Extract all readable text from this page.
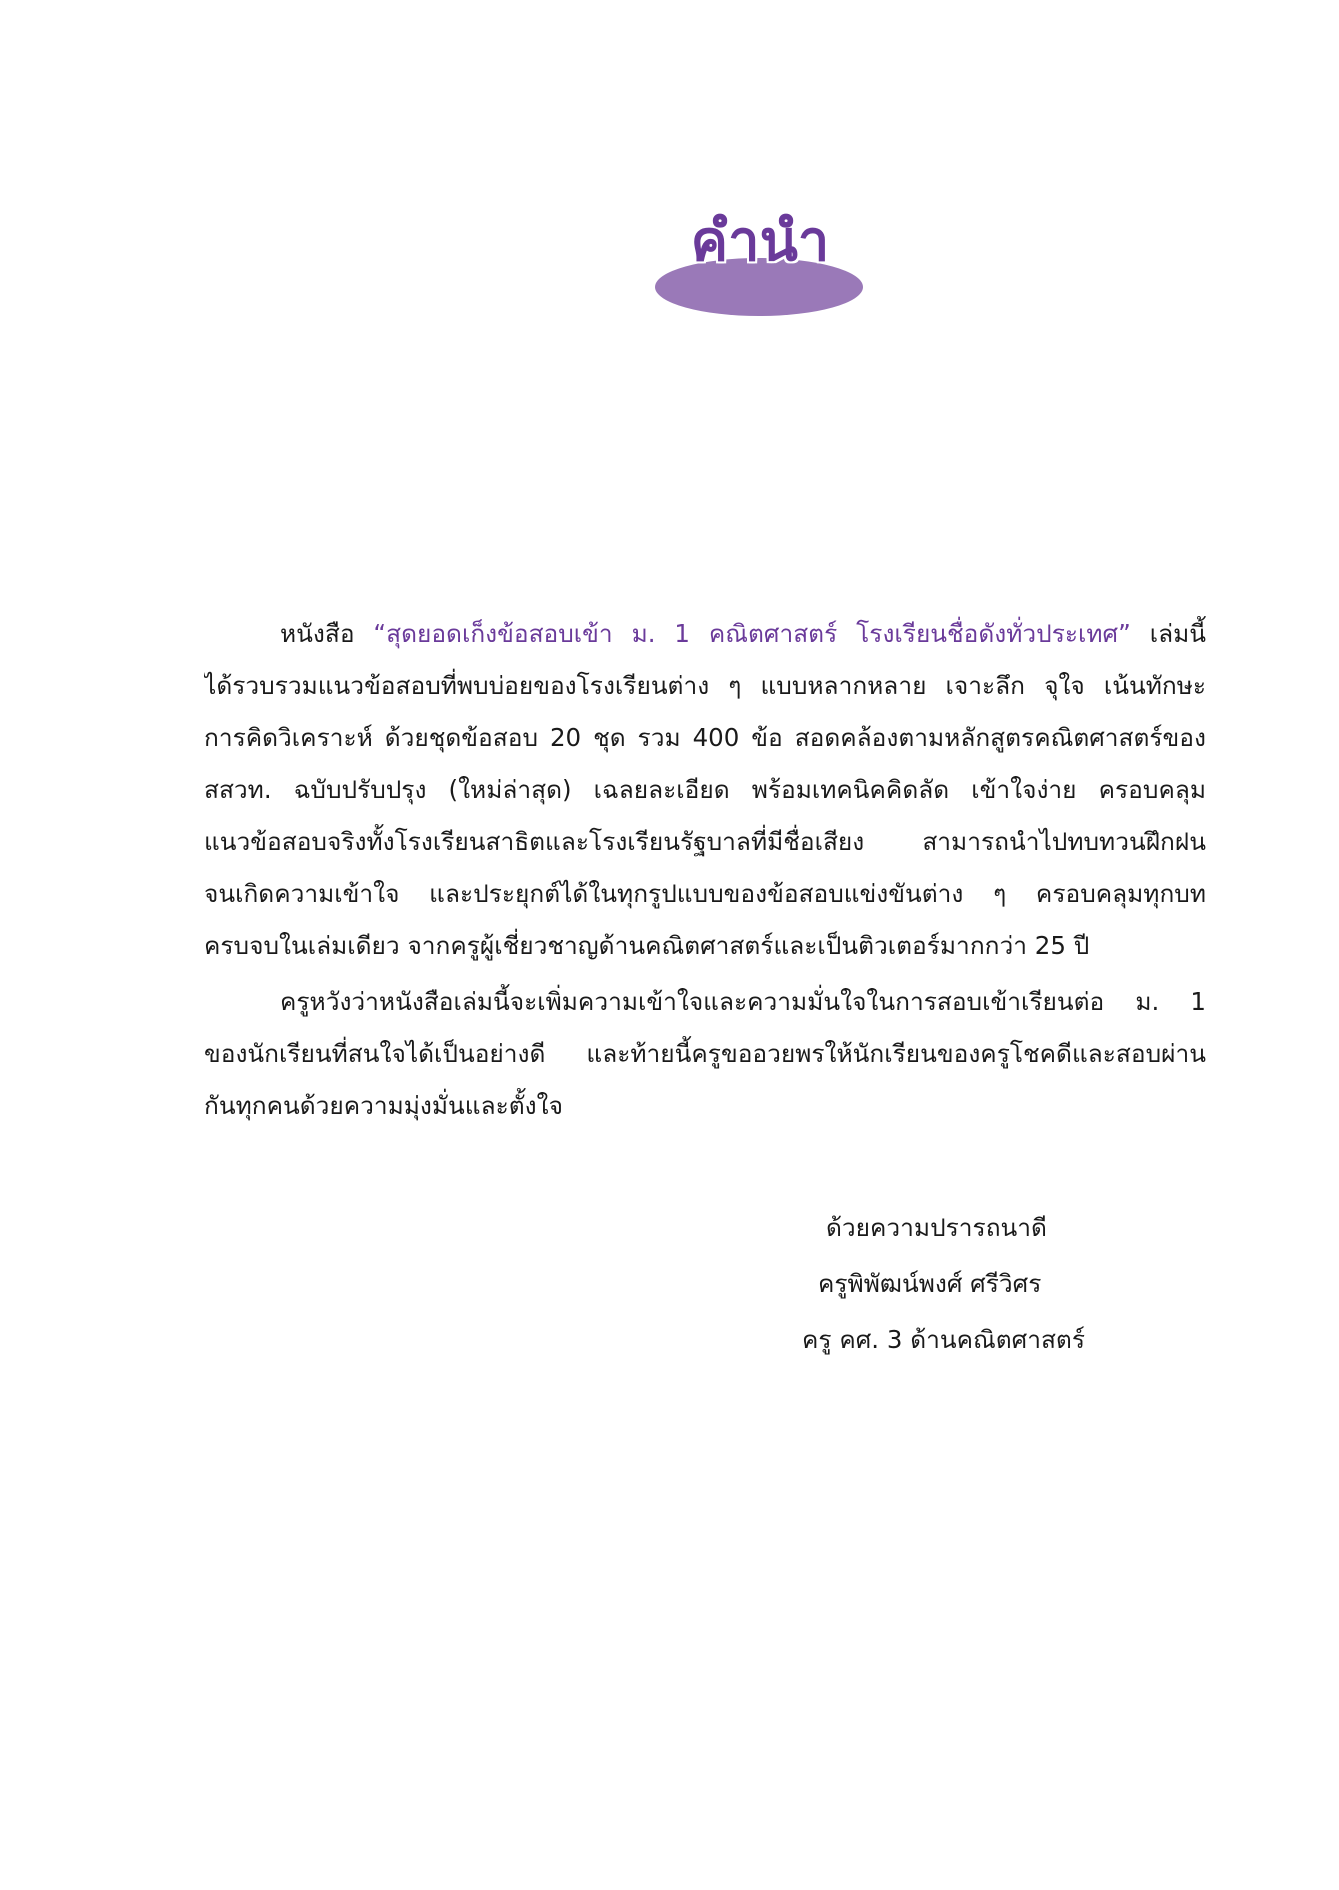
คำนำ
หนังสือ “สุดยอดเก็งข้อสอบเข้า ม. 1 คณิตศาสตร์ โรงเรียนชื่อดังทั่วประเทศ” เล่มนี้
ได้รวบรวมแนวข้อสอบที่พบบ่อยของโรงเรียนต่าง ๆ แบบหลากหลาย เจาะลึก จุใจ เน้นทักษะ
การคิดวิเคราะห์ ด้วยชุดข้อสอบ 20 ชุด รวม 400 ข้อ สอดคล้องตามหลักสูตรคณิตศาสตร์ของ
สสวท. ฉบับปรับปรุง (ใหม่ล่าสุด) เฉลยละเอียด พร้อมเทคนิคคิดลัด เข้าใจง่าย ครอบคลุม
แนวข้อสอบจริงทั้งโรงเรียนสาธิตและโรงเรียนรัฐบาลที่มีชื่อเสียง สามารถนำไปทบทวนฝึกฝน
จนเกิดความเข้าใจ และประยุกต์ได้ในทุกรูปแบบของข้อสอบแข่งขันต่าง ๆ ครอบคลุมทุกบท
ครบจบในเล่มเดียว จากครูผู้เชี่ยวชาญด้านคณิตศาสตร์และเป็นติวเตอร์มากกว่า 25 ปี
ครูหวังว่าหนังสือเล่มนี้จะเพิ่มความเข้าใจและความมั่นใจในการสอบเข้าเรียนต่อ ม. 1
ของนักเรียนที่สนใจได้เป็นอย่างดี และท้ายนี้ครูขออวยพรให้นักเรียนของครูโชคดีและสอบผ่าน
กันทุกคนด้วยความมุ่งมั่นและตั้งใจ
ด้วยความปรารถนาดี
ครูพิพัฒน์พงศ์ ศรีวิศร
ครู คศ. 3 ด้านคณิตศาสตร์
